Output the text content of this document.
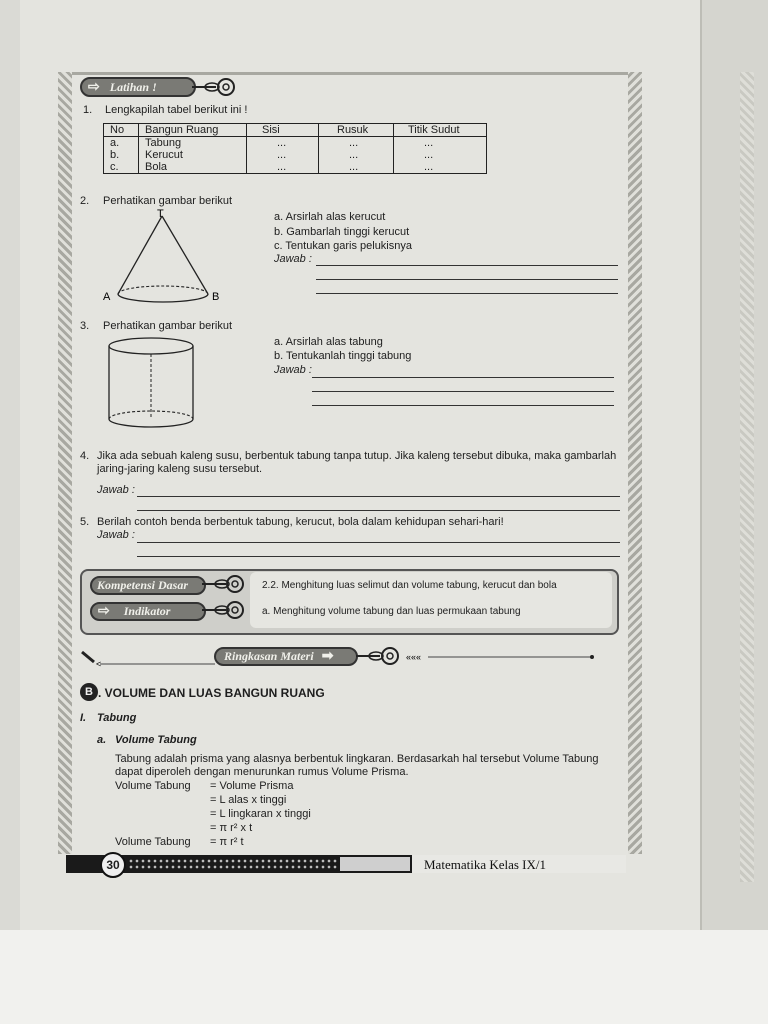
⇨ Latihan !
1. Lengkapilah tabel berikut ini !
No	Bangun Ruang	Sisi	Rusuk	Titik Sudut
a.	Tabung	...	...	...
b.	Kerucut	...	...	...
c.	Bola	...	...	...
2. Perhatikan gambar berikut
T
A	B
a. Arsirlah alas kerucut
b. Gambarlah tinggi kerucut
c. Tentukan garis pelukisnya
Jawab :
3. Perhatikan gambar berikut
a. Arsirlah alas tabung
b. Tentukanlah tinggi tabung
Jawab :
4. Jika ada sebuah kaleng susu, berbentuk tabung tanpa tutup. Jika kaleng tersebut dibuka, maka gambarlah
jaring-jaring kaleng susu tersebut.
Jawab :
5. Berilah contoh benda berbentuk tabung, kerucut, bola dalam kehidupan sehari-hari!
Jawab :
Kompetensi Dasar	2.2. Menghitung luas selimut dan volume tabung, kerucut dan bola
⇨ Indikator	a. Menghitung volume tabung dan luas permukaan tabung
<
Ringkasan Materi ➡	«««
B . VOLUME DAN LUAS BANGUN RUANG
I. Tabung
a. Volume Tabung
Tabung adalah prisma yang alasnya berbentuk lingkaran. Berdasarkah hal tersebut Volume Tabung
dapat diperoleh dengan menurunkan rumus Volume Prisma.
Volume Tabung = Volume Prisma
= L alas x tinggi
= L lingkaran x tinggi
= π r² x t
Volume Tabung = π r² t
30	Matematika Kelas IX/1
